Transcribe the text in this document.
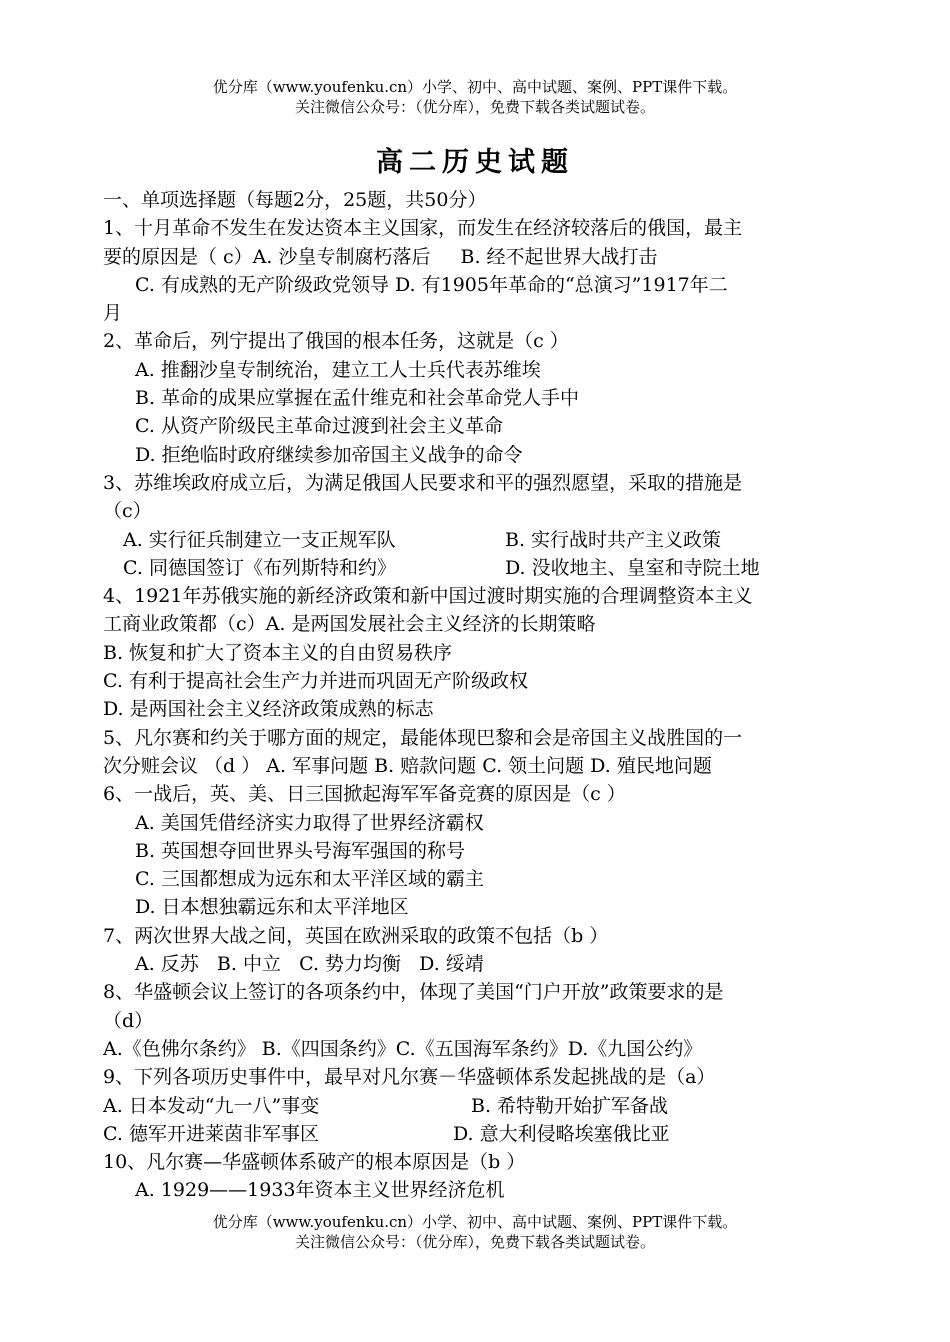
优分库（www.youfenku.cn）小学、初中、高中试题、案例、PPT课件下载。
关注微信公众号：（优分库），免费下载各类试题试卷。
高二历史试题
一、单项选择题（每题2分，25题，共50分）
1、十月革命不发生在发达资本主义国家，而发生在经济较落后的俄国，最主
要的原因是（ c）A. 沙皇专制腐朽落后 B. 经不起世界大战打击
C. 有成熟的无产阶级政党领导 D. 有1905年革命的“总演习”1917年二
月
2、革命后，列宁提出了俄国的根本任务，这就是（c ）
A. 推翻沙皇专制统治，建立工人士兵代表苏维埃
B. 革命的成果应掌握在孟什维克和社会革命党人手中
C. 从资产阶级民主革命过渡到社会主义革命
D. 拒绝临时政府继续参加帝国主义战争的命令
3、苏维埃政府成立后，为满足俄国人民要求和平的强烈愿望，采取的措施是
（c）
A. 实行征兵制建立一支正规军队	B. 实行战时共产主义政策
C. 同德国签订《布列斯特和约》	D. 没收地主、皇室和寺院土地
4、1921年苏俄实施的新经济政策和新中国过渡时期实施的合理调整资本主义
工商业政策都（c）A. 是两国发展社会主义经济的长期策略
B. 恢复和扩大了资本主义的自由贸易秩序
C. 有利于提高社会生产力并进而巩固无产阶级政权
D. 是两国社会主义经济政策成熟的标志
5、凡尔赛和约关于哪方面的规定，最能体现巴黎和会是帝国主义战胜国的一
次分赃会议 （d ） A. 军事问题 B. 赔款问题 C. 领土问题 D. 殖民地问题
6、一战后，英、美、日三国掀起海军军备竞赛的原因是（c ）
A. 美国凭借经济实力取得了世界经济霸权
B. 英国想夺回世界头号海军强国的称号
C. 三国都想成为远东和太平洋区域的霸主
D. 日本想独霸远东和太平洋地区
7、两次世界大战之间，英国在欧洲采取的政策不包括（b ）
A. 反苏   B. 中立   C. 势力均衡   D. 绥靖
8、华盛顿会议上签订的各项条约中，体现了美国“门户开放”政策要求的是
（d）
A.《色佛尔条约》 B.《四国条约》C.《五国海军条约》D.《九国公约》
9、下列各项历史事件中，最早对凡尔赛－华盛顿体系发起挑战的是（a）
A. 日本发动“九一八”事变	B. 希特勒开始扩军备战
C. 德军开进莱茵非军事区	D. 意大利侵略埃塞俄比亚
10、凡尔赛—华盛顿体系破产的根本原因是（b ）
A. 1929——1933年资本主义世界经济危机
优分库（www.youfenku.cn）小学、初中、高中试题、案例、PPT课件下载。
关注微信公众号：（优分库），免费下载各类试题试卷。
